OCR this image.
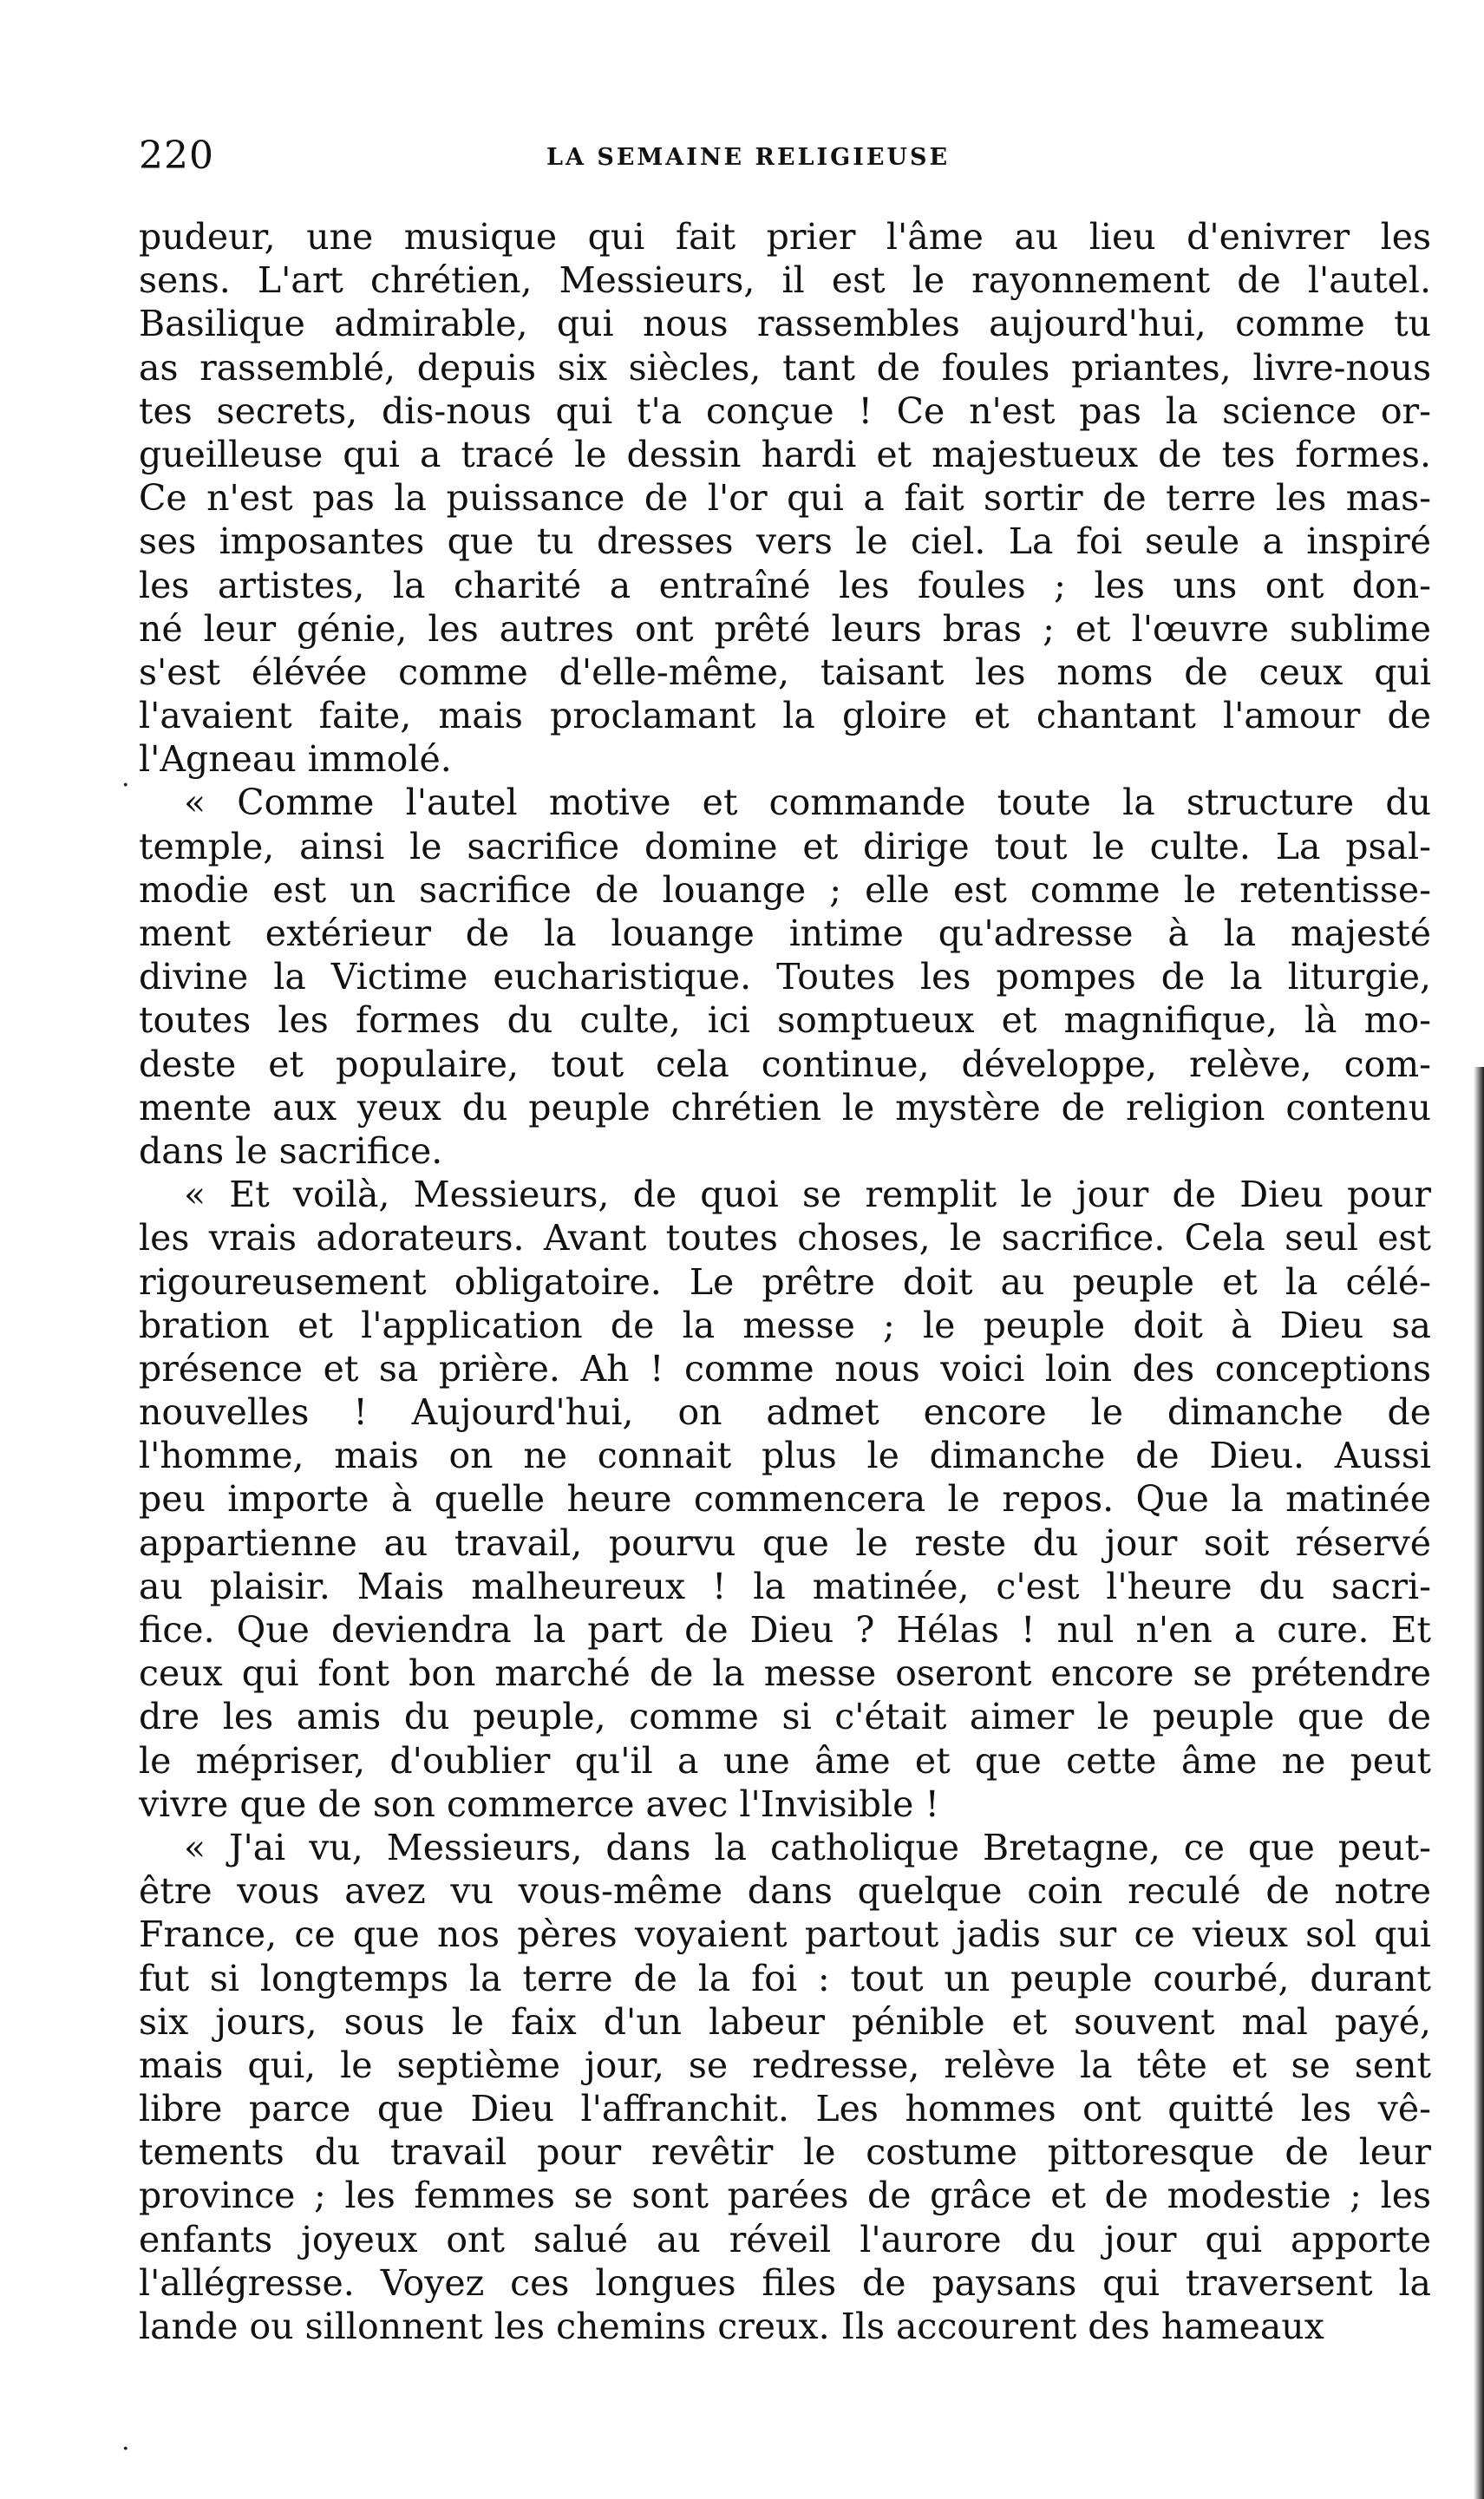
220	LA SEMAINE RELIGIEUSE
.
.
pudeur, une musique qui fait prier l'âme au lieu d'enivrer les
sens. L'art chrétien, Messieurs, il est le rayonnement de l'autel.
Basilique admirable, qui nous rassembles aujourd'hui, comme tu
as rassemblé, depuis six siècles, tant de foules priantes, livre-nous
tes secrets, dis-nous qui t'a conçue ! Ce n'est pas la science or-
gueilleuse qui a tracé le dessin hardi et majestueux de tes formes.
Ce n'est pas la puissance de l'or qui a fait sortir de terre les mas-
ses imposantes que tu dresses vers le ciel. La foi seule a inspiré
les artistes, la charité a entraîné les foules ; les uns ont don-
né leur génie, les autres ont prêté leurs bras ; et l'œuvre sublime
s'est élévée comme d'elle-même, taisant les noms de ceux qui
l'avaient faite, mais proclamant la gloire et chantant l'amour de
l'Agneau immolé.
« Comme l'autel motive et commande toute la structure du
temple, ainsi le sacrifice domine et dirige tout le culte. La psal-
modie est un sacrifice de louange ; elle est comme le retentisse-
ment extérieur de la louange intime qu'adresse à la majesté
divine la Victime eucharistique. Toutes les pompes de la liturgie,
toutes les formes du culte, ici somptueux et magnifique, là mo-
deste et populaire, tout cela continue, développe, relève, com-
mente aux yeux du peuple chrétien le mystère de religion contenu
dans le sacrifice.
« Et voilà, Messieurs, de quoi se remplit le jour de Dieu pour
les vrais adorateurs. Avant toutes choses, le sacrifice. Cela seul est
rigoureusement obligatoire. Le prêtre doit au peuple et la célé-
bration et l'application de la messe ; le peuple doit à Dieu sa
présence et sa prière. Ah ! comme nous voici loin des conceptions
nouvelles ! Aujourd'hui, on admet encore le dimanche de
l'homme, mais on ne connait plus le dimanche de Dieu. Aussi
peu importe à quelle heure commencera le repos. Que la matinée
appartienne au travail, pourvu que le reste du jour soit réservé
au plaisir. Mais malheureux ! la matinée, c'est l'heure du sacri-
fice. Que deviendra la part de Dieu ? Hélas ! nul n'en a cure. Et
ceux qui font bon marché de la messe oseront encore se prétendre
dre les amis du peuple, comme si c'était aimer le peuple que de
le mépriser, d'oublier qu'il a une âme et que cette âme ne peut
vivre que de son commerce avec l'Invisible !
« J'ai vu, Messieurs, dans la catholique Bretagne, ce que peut-
être vous avez vu vous-même dans quelque coin reculé de notre
France, ce que nos pères voyaient partout jadis sur ce vieux sol qui
fut si longtemps la terre de la foi : tout un peuple courbé, durant
six jours, sous le faix d'un labeur pénible et souvent mal payé,
mais qui, le septième jour, se redresse, relève la tête et se sent
libre parce que Dieu l'affranchit. Les hommes ont quitté les vê-
tements du travail pour revêtir le costume pittoresque de leur
province ; les femmes se sont parées de grâce et de modestie ; les
enfants joyeux ont salué au réveil l'aurore du jour qui apporte
l'allégresse. Voyez ces longues files de paysans qui traversent la
lande ou sillonnent les chemins creux. Ils accourent des hameaux
